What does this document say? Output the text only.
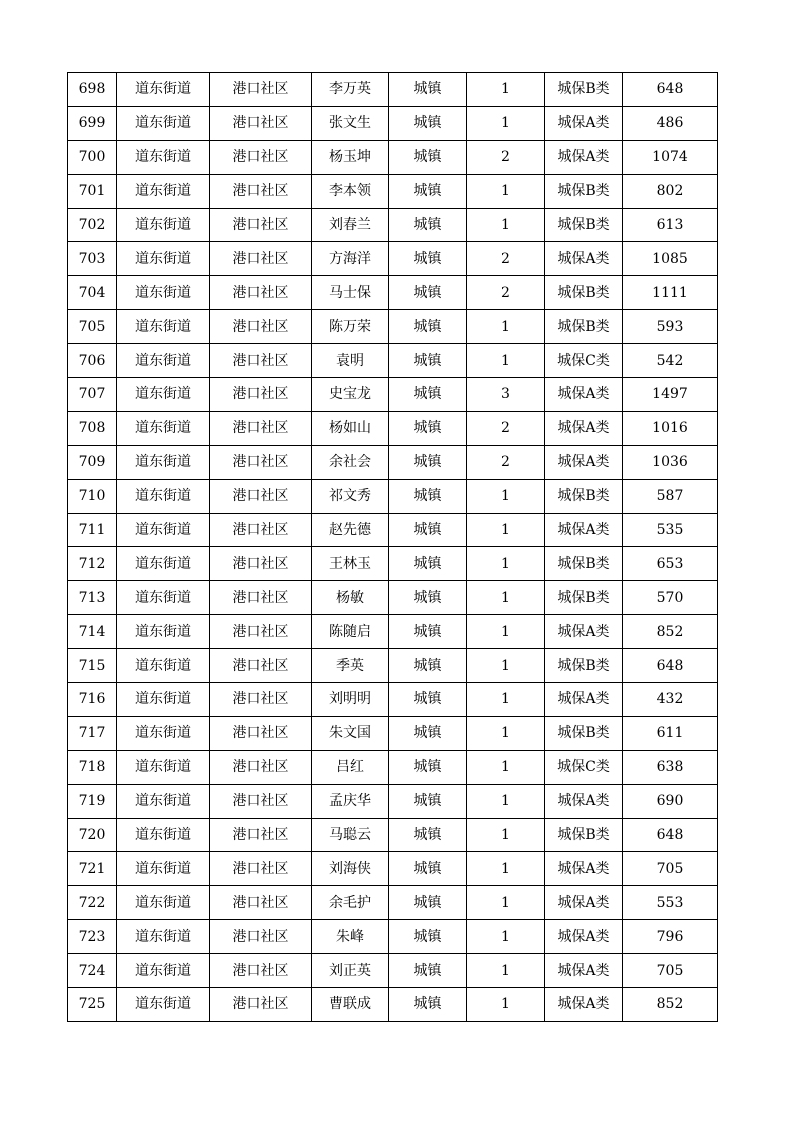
698	道东街道	港口社区	李万英	城镇	1	城保B类	648
699	道东街道	港口社区	张文生	城镇	1	城保A类	486
700	道东街道	港口社区	杨玉坤	城镇	2	城保A类	1074
701	道东街道	港口社区	李本领	城镇	1	城保B类	802
702	道东街道	港口社区	刘春兰	城镇	1	城保B类	613
703	道东街道	港口社区	方海洋	城镇	2	城保A类	1085
704	道东街道	港口社区	马士保	城镇	2	城保B类	1111
705	道东街道	港口社区	陈万荣	城镇	1	城保B类	593
706	道东街道	港口社区	袁明	城镇	1	城保C类	542
707	道东街道	港口社区	史宝龙	城镇	3	城保A类	1497
708	道东街道	港口社区	杨如山	城镇	2	城保A类	1016
709	道东街道	港口社区	余社会	城镇	2	城保A类	1036
710	道东街道	港口社区	祁文秀	城镇	1	城保B类	587
711	道东街道	港口社区	赵先德	城镇	1	城保A类	535
712	道东街道	港口社区	王林玉	城镇	1	城保B类	653
713	道东街道	港口社区	杨敏	城镇	1	城保B类	570
714	道东街道	港口社区	陈随启	城镇	1	城保A类	852
715	道东街道	港口社区	季英	城镇	1	城保B类	648
716	道东街道	港口社区	刘明明	城镇	1	城保A类	432
717	道东街道	港口社区	朱文国	城镇	1	城保B类	611
718	道东街道	港口社区	吕红	城镇	1	城保C类	638
719	道东街道	港口社区	孟庆华	城镇	1	城保A类	690
720	道东街道	港口社区	马聪云	城镇	1	城保B类	648
721	道东街道	港口社区	刘海侠	城镇	1	城保A类	705
722	道东街道	港口社区	余毛护	城镇	1	城保A类	553
723	道东街道	港口社区	朱峰	城镇	1	城保A类	796
724	道东街道	港口社区	刘正英	城镇	1	城保A类	705
725	道东街道	港口社区	曹联成	城镇	1	城保A类	852
